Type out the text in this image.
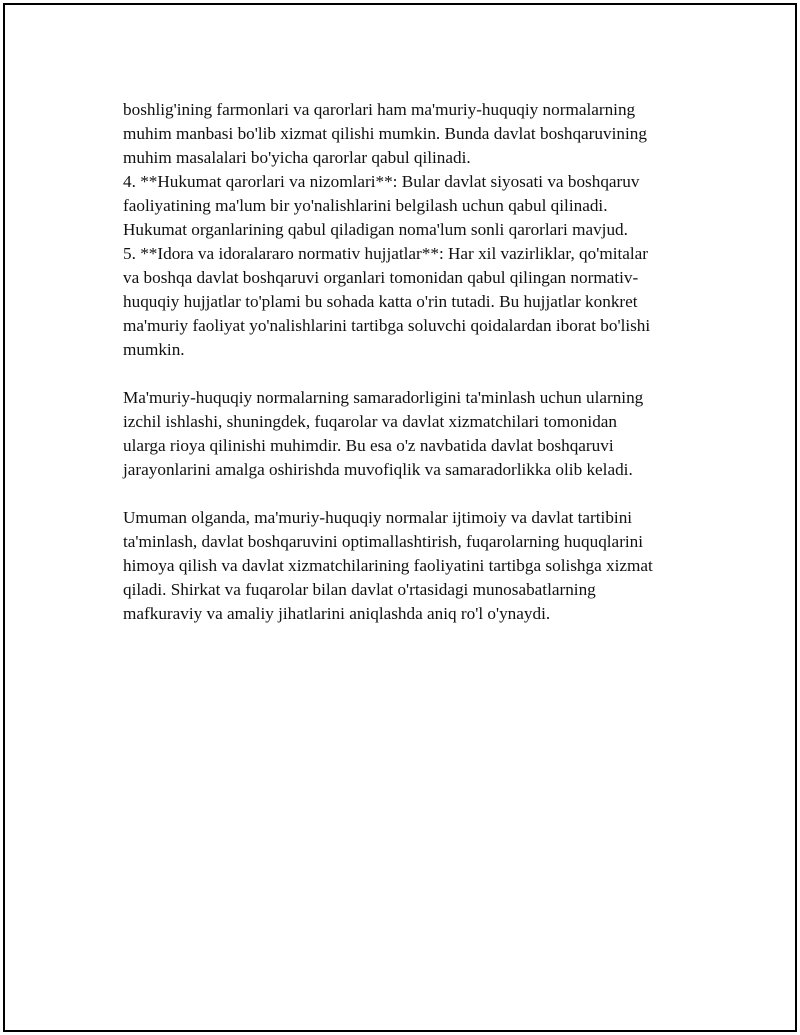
boshlig'ining farmonlari va qarorlari ham ma'muriy-huquqiy normalarning

muhim manbasi bo'lib xizmat qilishi mumkin. Bunda davlat boshqaruvining

muhim masalalari bo'yicha qarorlar qabul qilinadi.

4. **Hukumat qarorlari va nizomlari**: Bular davlat siyosati va boshqaruv

faoliyatining ma'lum bir yo'nalishlarini belgilash uchun qabul qilinadi.

Hukumat organlarining qabul qiladigan noma'lum sonli qarorlari mavjud.

5. **Idora va idoralararo normativ hujjatlar**: Har xil vazirliklar, qo'mitalar

va boshqa davlat boshqaruvi organlari tomonidan qabul qilingan normativ-

huquqiy hujjatlar to'plami bu sohada katta o'rin tutadi. Bu hujjatlar konkret

ma'muriy faoliyat yo'nalishlarini tartibga soluvchi qoidalardan iborat bo'lishi

mumkin.

Ma'muriy-huquqiy normalarning samaradorligini ta'minlash uchun ularning

izchil ishlashi, shuningdek, fuqarolar va davlat xizmatchilari tomonidan

ularga rioya qilinishi muhimdir. Bu esa o'z navbatida davlat boshqaruvi

jarayonlarini amalga oshirishda muvofiqlik va samaradorlikka olib keladi.

Umuman olganda, ma'muriy-huquqiy normalar ijtimoiy va davlat tartibini

ta'minlash, davlat boshqaruvini optimallashtirish, fuqarolarning huquqlarini

himoya qilish va davlat xizmatchilarining faoliyatini tartibga solishga xizmat

qiladi. Shirkat va fuqarolar bilan davlat o'rtasidagi munosabatlarning

mafkuraviy va amaliy jihatlarini aniqlashda aniq ro'l o'ynaydi.
